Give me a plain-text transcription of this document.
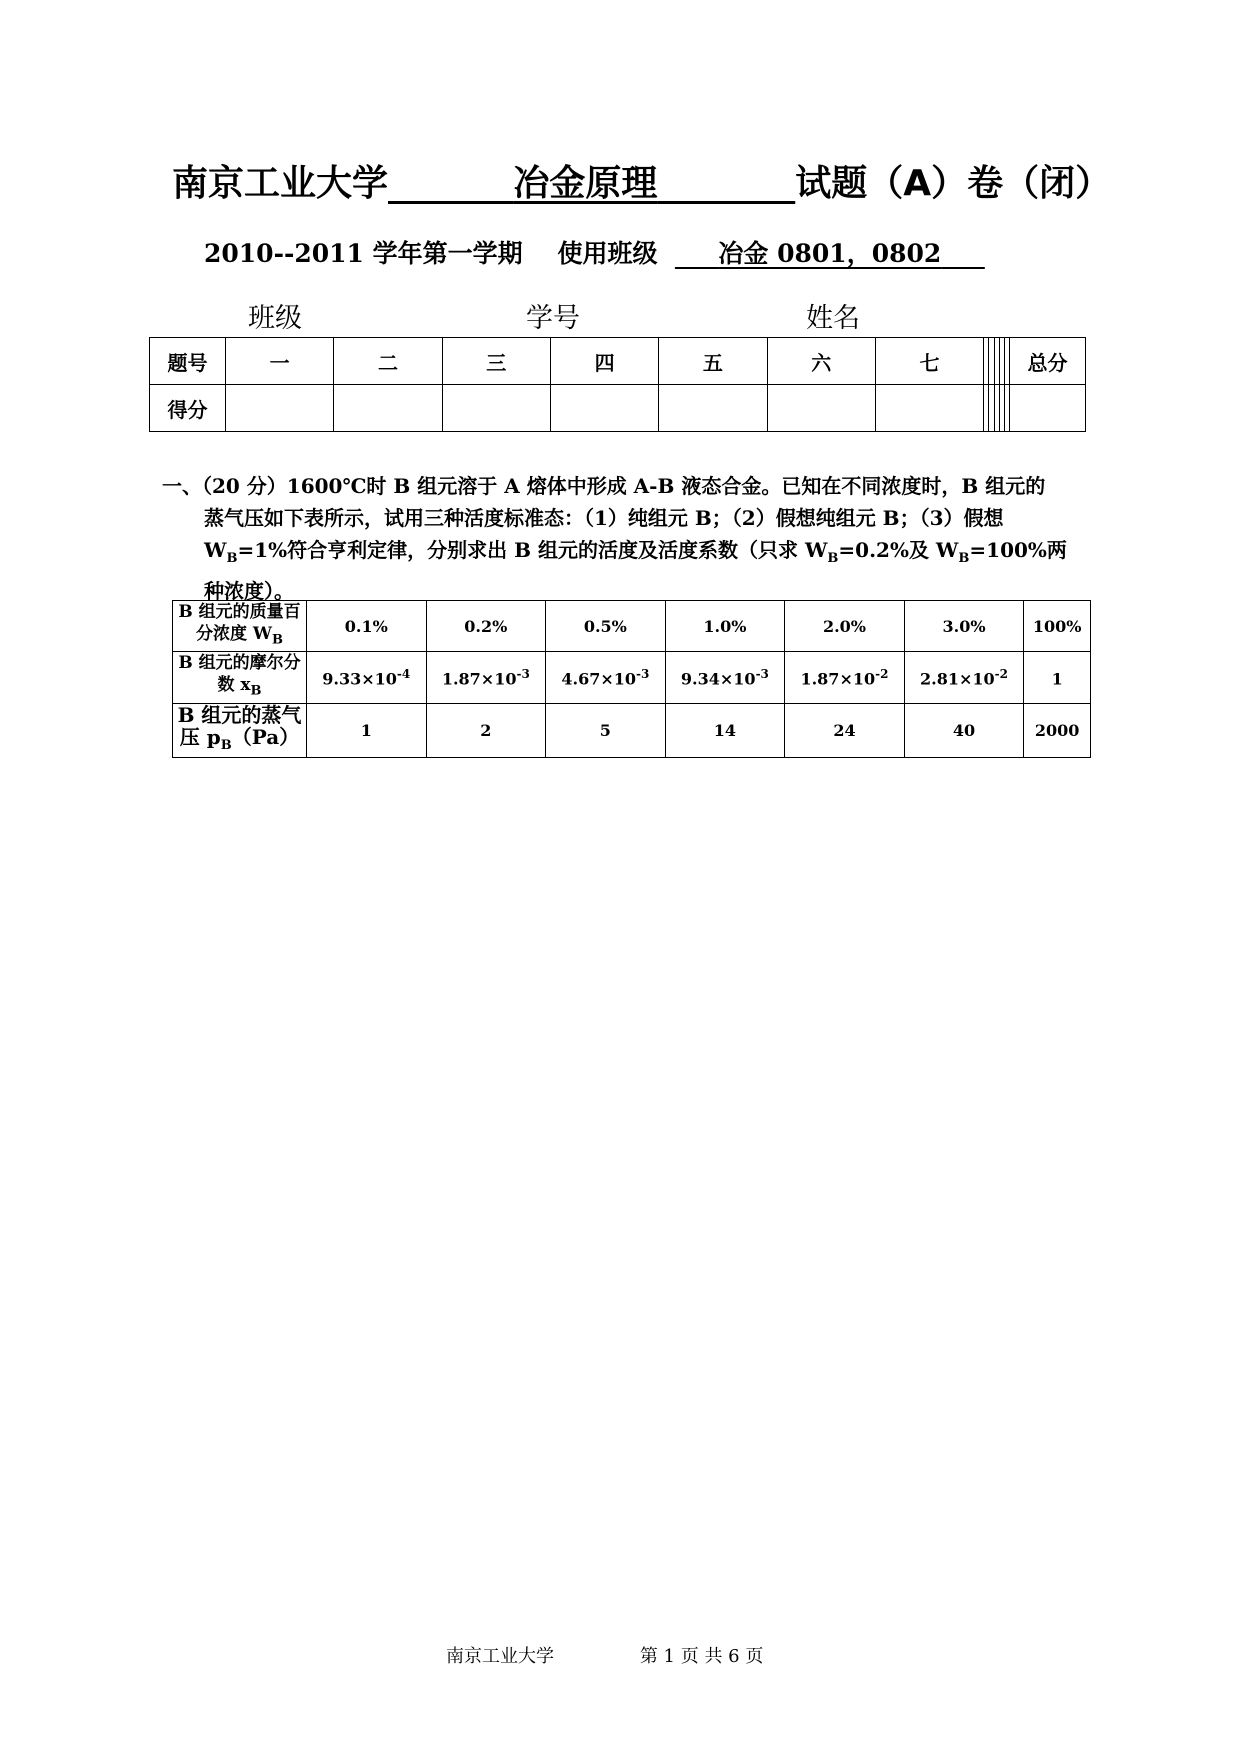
南京工业大学	冶金原理	试题（A）卷（闭）
2010--2011 学年第一学期 使用班级 冶金 0801，0802
班级	学号	姓名
题号	一	二	三	四	五	六	七						总分
得分													

一、（20 分）1600℃时 B 组元溶于 A 熔体中形成 A-B 液态合金。已知在不同浓度时，B 组元的

蒸气压如下表所示，试用三种活度标准态：（1）纯组元 B；（2）假想纯组元 B；（3）假想

$W_B=1\%$符合亨利定律，分别求出 B 组元的活度及活度系数（只求 $W_B=0.2\%$及 $W_B=100\%$两

种浓度）。

B 组元的质量百分浓度 $W_B$	0.1%	0.2%	0.5%	1.0%	2.0%	3.0%	100%
B 组元的摩尔分数 $x_B$	$9.33\times 10^{-4}$	$1.87\times 10^{-3}$	$4.67\times 10^{-3}$	$9.34\times 10^{-3}$	$1.87\times 10^{-2}$	$2.81\times 10^{-2}$	1
B 组元的蒸气压 $p_B(Pa)$	1	2	5	14	24	40	2000
南京工业大学	第 1 页 共 6 页
